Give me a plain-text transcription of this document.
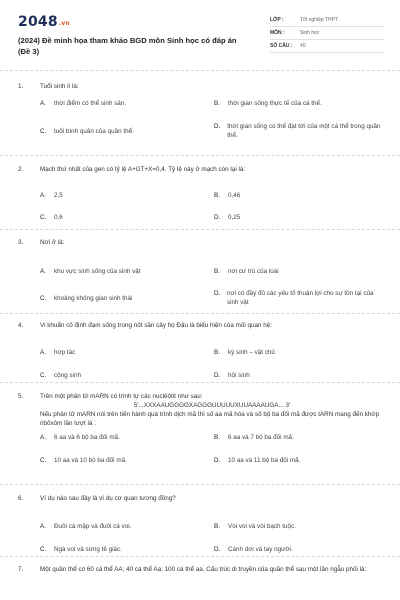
2048.vn
(2024) Đề minh họa tham khảo BGD môn Sinh học có đáp án (Đề 3)
LỚP :	Tốt nghiệp THPT
MÔN :	Sinh học
SỐ CÂU :	40
1.	Tuổi sinh lí là:
A.	thời điểm có thể sinh sản.	B.	thời gian sống thực tế của cá thể.
C.	tuổi bình quân của quần thể.
D.	thời gian sống có thể đạt tới của một cá thể trong quần thể.
2.	Mạch thứ nhất của gen có tỷ lệ A+GT+X=0,4. Tỷ lệ này ở mạch còn lại là:
A.	2,5	B.	0,46
C.	0,6	D.	0,25
3.	Nơi ở là:
A.	khu vực sinh sống của sinh vật	B.	nơi cư trú của loài
C.	khoảng không gian sinh thái
D.	nơi có đầy đủ các yếu tố thuận lợi cho sự tồn tại của sinh vật
4.	Vi khuẩn cố định đạm sống trong nốt sần cây họ Đậu là biểu hiện của mối quan hệ:
A.	hợp tác	B.	ký sinh – vật chủ
C.	cộng sinh	D.	hội sinh
5.	Trên một phân tử mARN có trình tự các nuclêôtit như sau:
5'...XXXAAUGGGGXAGGGUUUUUXUUAAAAUGA... 3'
Nếu phân tử mARN nói trên tiến hành quá trình dịch mã thì số aa mã hóa và số bộ ba đối mã được tARN mang đến khớp ribôxôm lần lượt là :
A.	6 aa và 6 bộ ba đối mã.	B.	6 aa và 7 bộ ba đối mã.
C.	10 aa và 10 bộ ba đối mã.	D.	10 aa và 11 bộ ba đối mã.
6.	Ví dụ nào sau đây là ví dụ cơ quan tương đồng?
A.	Đuôi cá mập và đuôi cá voi.	B.	Vòi voi và vòi bạch tuộc.
C.	Ngà voi và sừng tê giác.	D.	Cánh dơi và tay người.
7.	Một quần thể có 60 cá thể AA; 40 cá thể Aa; 100 cá thể aa. Cấu trúc di truyền của quần thể sau một lần ngẫu phối là:
